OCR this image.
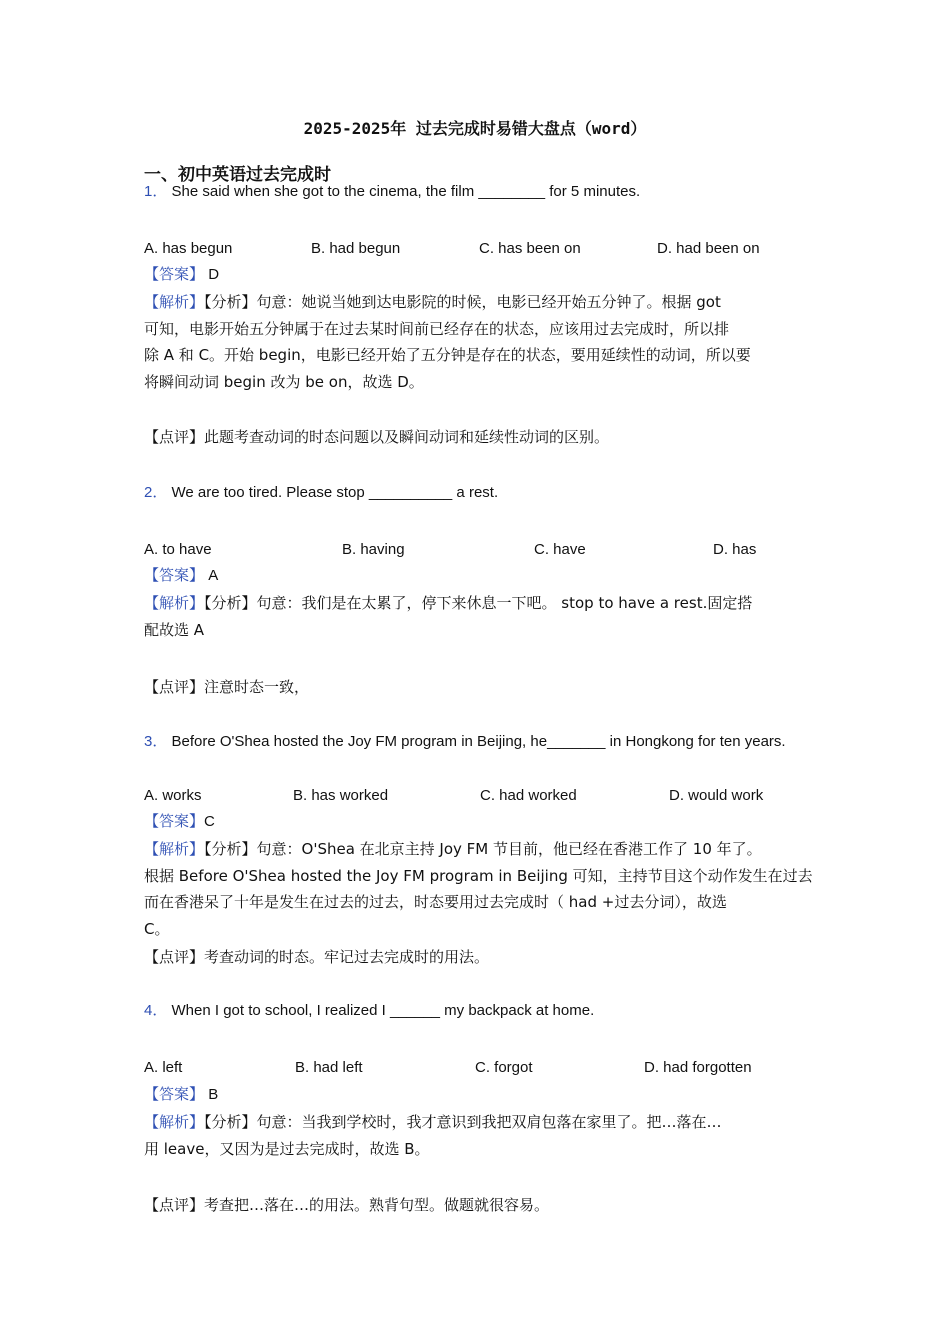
2025-2025年 过去完成时易错大盘点（word）
一、初中英语过去完成时
1． She said when she got to the cinema, the film ________ for 5 minutes.
A. has begun	B. had begun	C. has been on	D. had been on
【答案】 D
【解析】【分析】句意：她说当她到达电影院的时候，电影已经开始五分钟了。根据 got
可知，电影开始五分钟属于在过去某时间前已经存在的状态，应该用过去完成时，所以排
除 A 和 C。开始 begin，电影已经开始了五分钟是存在的状态，要用延续性的动词，所以要
将瞬间动词 begin 改为 be on，故选 D。
【点评】此题考查动词的时态问题以及瞬间动词和延续性动词的区别。
2． We are too tired. Please stop __________ a rest.
A. to have	B. having	C. have	D. has
【答案】 A
【解析】【分析】句意：我们是在太累了，停下来休息一下吧。 stop to have a rest.固定搭
配故选 A
【点评】注意时态一致，
3． Before O'Shea hosted the Joy FM program in Beijing, he_______ in Hongkong for ten years.
A. works	B. has worked	C. had worked	D. would work
【答案】C
【解析】【分析】句意：O'Shea 在北京主持 Joy FM 节目前，他已经在香港工作了 10 年了。
根据 Before O'Shea hosted the Joy FM program in Beijing 可知，主持节目这个动作发生在过去
而在香港呆了十年是发生在过去的过去，时态要用过去完成时（ had +过去分词），故选
C。
【点评】考查动词的时态。牢记过去完成时的用法。
4． When I got to school, I realized I ______ my backpack at home.
A. left	B. had left	C. forgot	D. had forgotten
【答案】 B
【解析】【分析】句意：当我到学校时，我才意识到我把双肩包落在家里了。把…落在…
用 leave，又因为是过去完成时，故选 B。
【点评】考查把…落在…的用法。熟背句型。做题就很容易。
